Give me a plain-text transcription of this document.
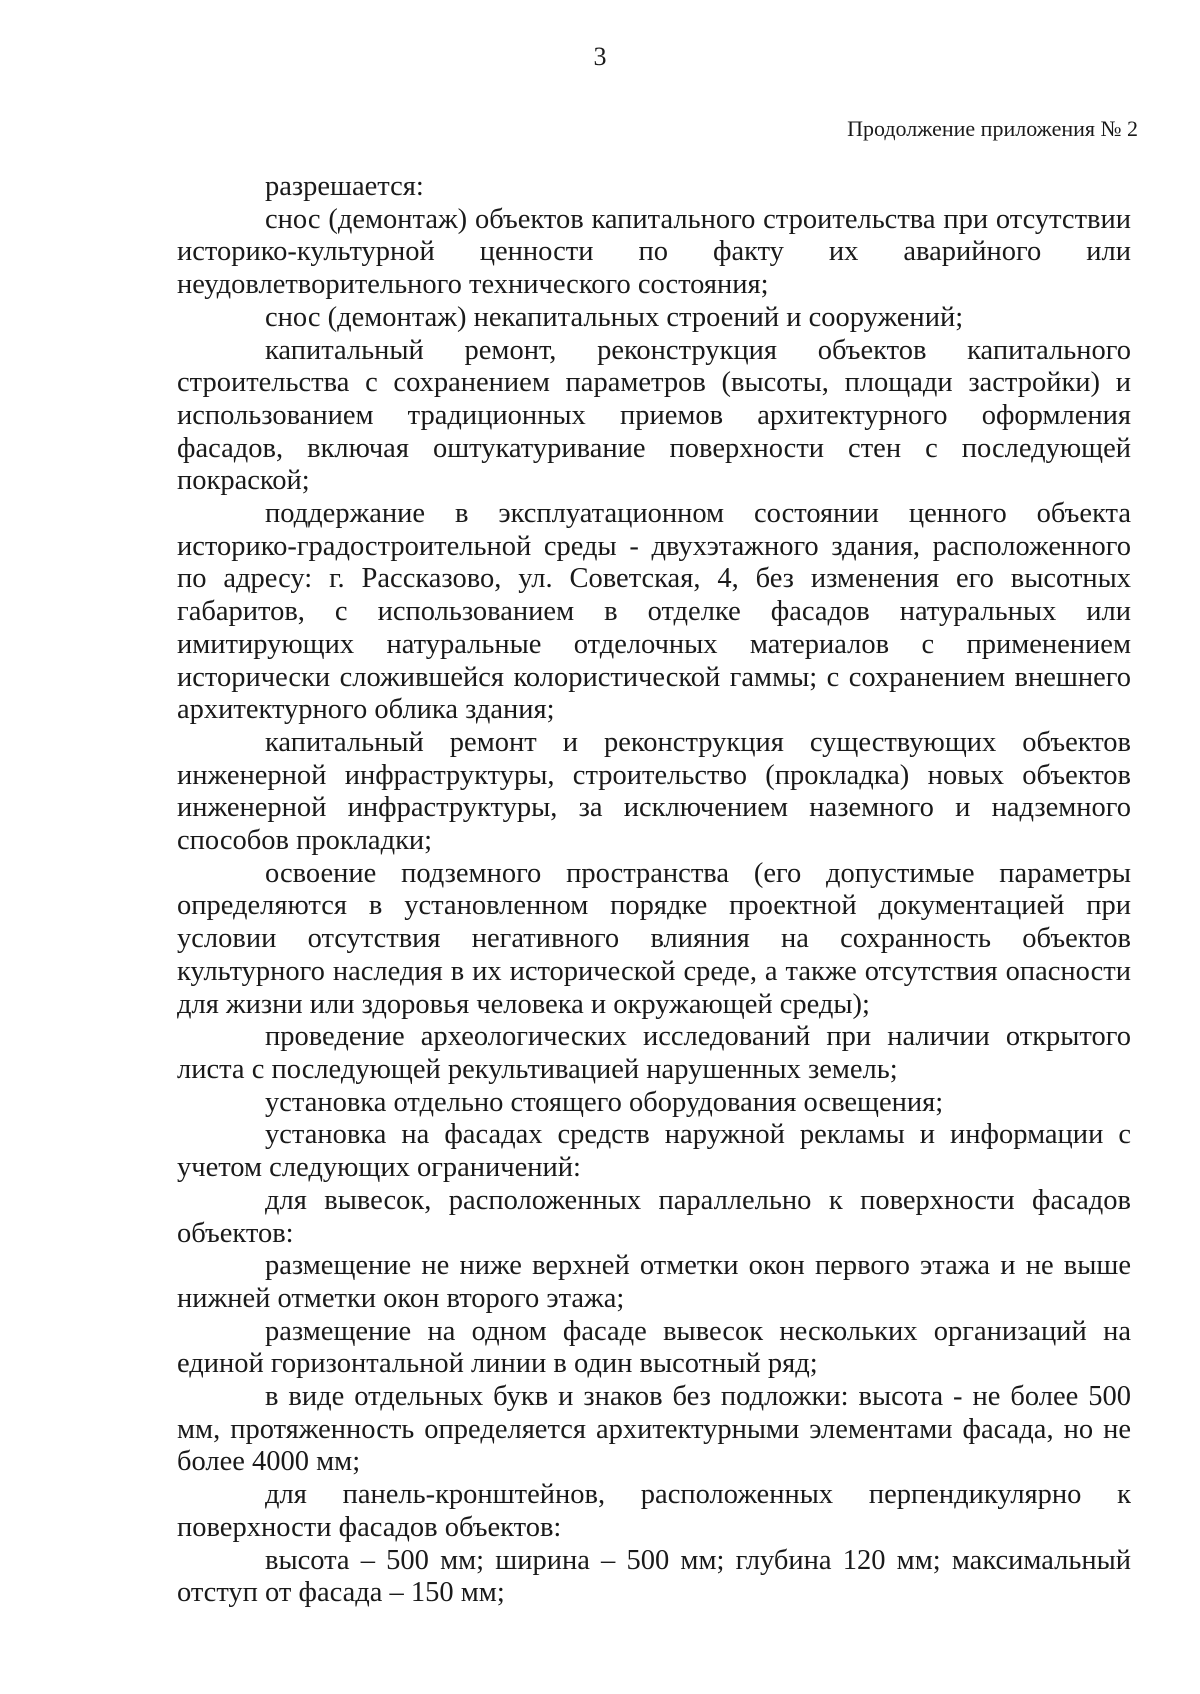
3
Продолжение приложения № 2

разрешается:

снос (демонтаж) объектов капитального строительства при отсутствии историко-культурной ценности по факту их аварийного или неудовлетворительного технического состояния;

снос (демонтаж) некапитальных строений и сооружений;

капитальный ремонт, реконструкция объектов капитального строительства с сохранением параметров (высоты, площади застройки) и использованием традиционных приемов архитектурного оформления фасадов, включая оштукатуривание поверхности стен с последующей покраской;

поддержание в эксплуатационном состоянии ценного объекта историко-градостроительной среды - двухэтажного здания, расположенного по адресу: г. Рассказово, ул. Советская, 4, без изменения его высотных габаритов, с использованием в отделке фасадов натуральных или имитирующих натуральные отделочных материалов с применением исторически сложившейся колористической гаммы; с сохранением внешнего архитектурного облика здания;

капитальный ремонт и реконструкция существующих объектов инженерной инфраструктуры, строительство (прокладка) новых объектов инженерной инфраструктуры, за исключением наземного и надземного способов прокладки;

освоение подземного пространства (его допустимые параметры определяются в установленном порядке проектной документацией при условии отсутствия негативного влияния на сохранность объектов культурного наследия в их исторической среде, а также отсутствия опасности для жизни или здоровья человека и окружающей среды);

проведение археологических исследований при наличии открытого листа с последующей рекультивацией нарушенных земель;

установка отдельно стоящего оборудования освещения;

установка на фасадах средств наружной рекламы и информации с учетом следующих ограничений:

для вывесок, расположенных параллельно к поверхности фасадов объектов:

размещение не ниже верхней отметки окон первого этажа и не выше нижней отметки окон второго этажа;

размещение на одном фасаде вывесок нескольких организаций на единой горизонтальной линии в один высотный ряд;

в виде отдельных букв и знаков без подложки: высота - не более 500 мм, протяженность определяется архитектурными элементами фасада, но не более 4000 мм;

для панель-кронштейнов, расположенных перпендикулярно к поверхности фасадов объектов:

высота – 500 мм; ширина – 500 мм; глубина 120 мм; максимальный отступ от фасада – 150 мм;
